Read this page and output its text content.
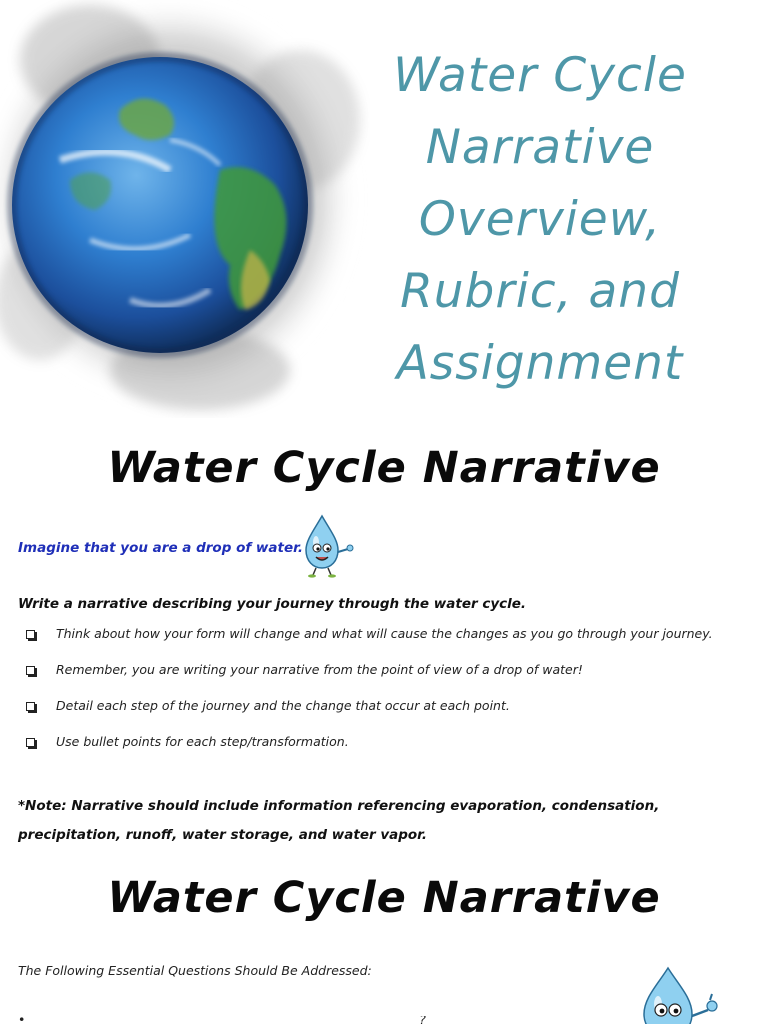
Water Cycle
Narrative
Overview,
Rubric, and
Assignment
Water Cycle Narrative
Imagine that you are a drop of water.
Write a narrative describing your journey through the water cycle.
Think about how your form will change and what will cause the changes as you go through your journey.
Remember, you are writing your narrative from the point of view of a drop of water!
Detail each step of the journey and the change that occur at each point.
Use bullet points for each step/transformation.
*Note: Narrative should include information referencing evaporation, condensation, precipitation, runoff, water storage, and water vapor.
Water Cycle Narrative
The Following Essential Questions Should Be Addressed:
•                                                                               ?
